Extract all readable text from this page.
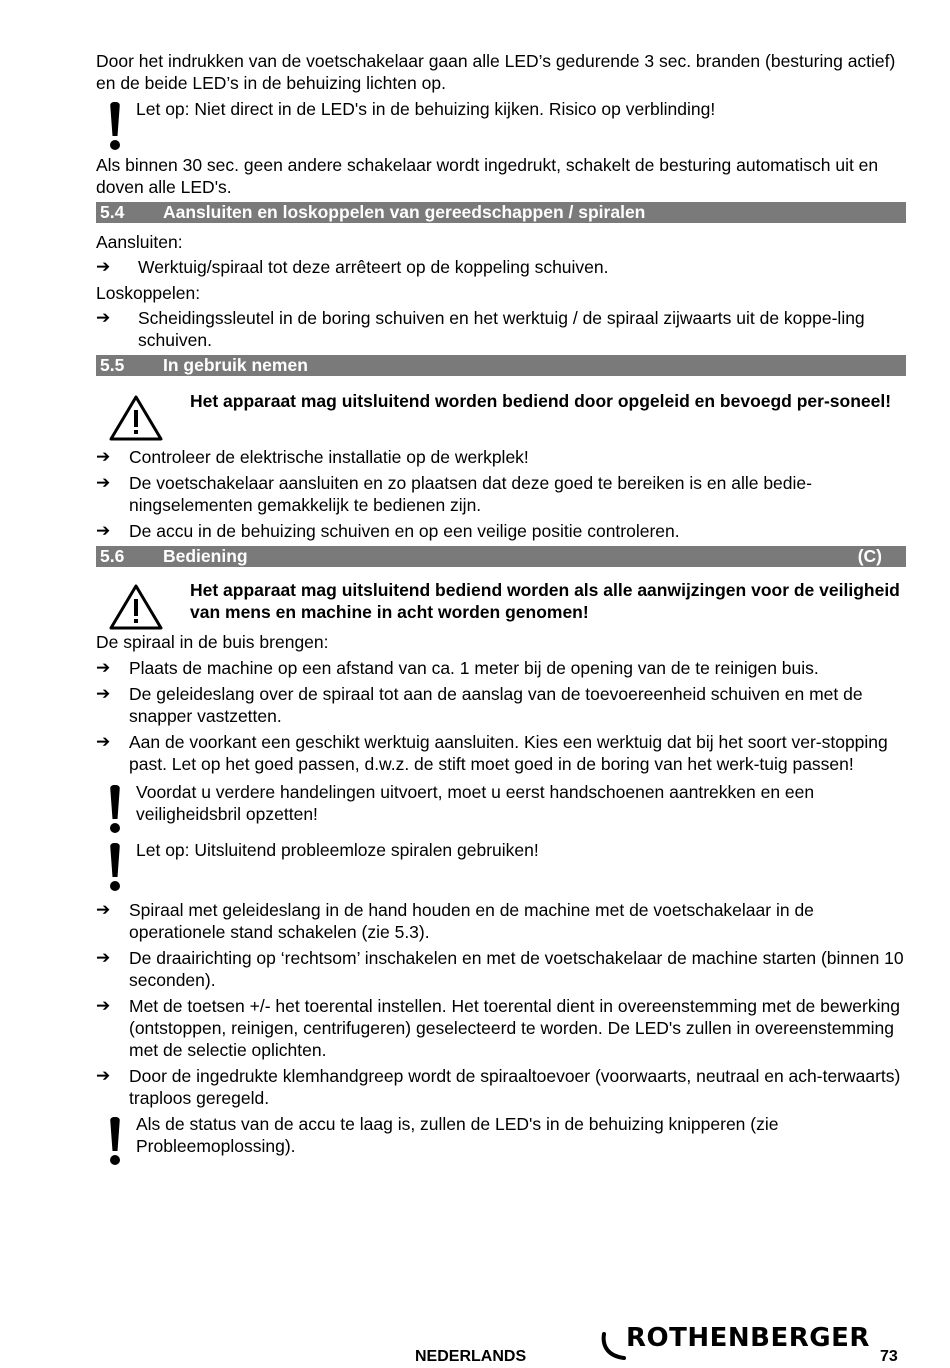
Door het indrukken van de voetschakelaar gaan alle LED’s gedurende 3 sec. branden (besturing actief) en de beide LED’s in de behuizing lichten op.

Let op: Niet direct in de LED's in de behuizing kijken. Risico op verblinding!

Als binnen 30 sec. geen andere schakelaar wordt ingedrukt, schakelt de besturing automatisch uit en doven alle LED's.

5.4	Aansluiten en loskoppelen van gereedschappen / spiralen

Aansluiten:

➔	Werktuig/spiraal tot deze arrêteert op de koppeling schuiven.

Loskoppelen:

➔	Scheidingssleutel in de boring schuiven en het werktuig / de spiraal zijwaarts uit de koppe-ling schuiven.

5.5	In gebruik nemen

Het apparaat mag uitsluitend worden bediend door opgeleid en bevoegd per-soneel!

➔	Controleer de elektrische installatie op de werkplek!

➔	De voetschakelaar aansluiten en zo plaatsen dat deze goed te bereiken is en alle bedie-ningselementen gemakkelijk te bedienen zijn.

➔	De accu in de behuizing schuiven en op een veilige positie controleren.

5.6	Bediening	(C)

Het apparaat mag uitsluitend bediend worden als alle aanwijzingen voor de veiligheid van mens en machine in acht worden genomen!

De spiraal in de buis brengen:

➔	Plaats de machine op een afstand van ca. 1 meter bij de opening van de te reinigen buis.

➔	De geleideslang over de spiraal tot aan de aanslag van de toevoereenheid schuiven en met de snapper vastzetten.

➔	Aan de voorkant een geschikt werktuig aansluiten. Kies een werktuig dat bij het soort ver-stopping past. Let op het goed passen, d.w.z. de stift moet goed in de boring van het werk-tuig passen!

Voordat u verdere handelingen uitvoert, moet u eerst handschoenen aantrekken en een veiligheidsbril opzetten!

Let op: Uitsluitend probleemloze spiralen gebruiken!

➔	Spiraal met geleideslang in de hand houden en de machine met de voetschakelaar in de operationele stand schakelen (zie 5.3).

➔	De draairichting op ‘rechtsom’ inschakelen en met de voetschakelaar de machine starten (binnen 10 seconden).

➔	Met de toetsen +/- het toerental instellen. Het toerental dient in overeenstemming met de bewerking (ontstoppen, reinigen, centrifugeren) geselecteerd te worden. De LED's zullen in overeenstemming met de selectie oplichten.

➔	Door de ingedrukte klemhandgreep wordt de spiraaltoevoer (voorwaarts, neutraal en ach-terwaarts) traploos geregeld.

Als de status van de accu te laag is, zullen de LED's in de behuizing knipperen (zie Probleemoplossing).

NEDERLANDS
ROTHENBERGER
73
